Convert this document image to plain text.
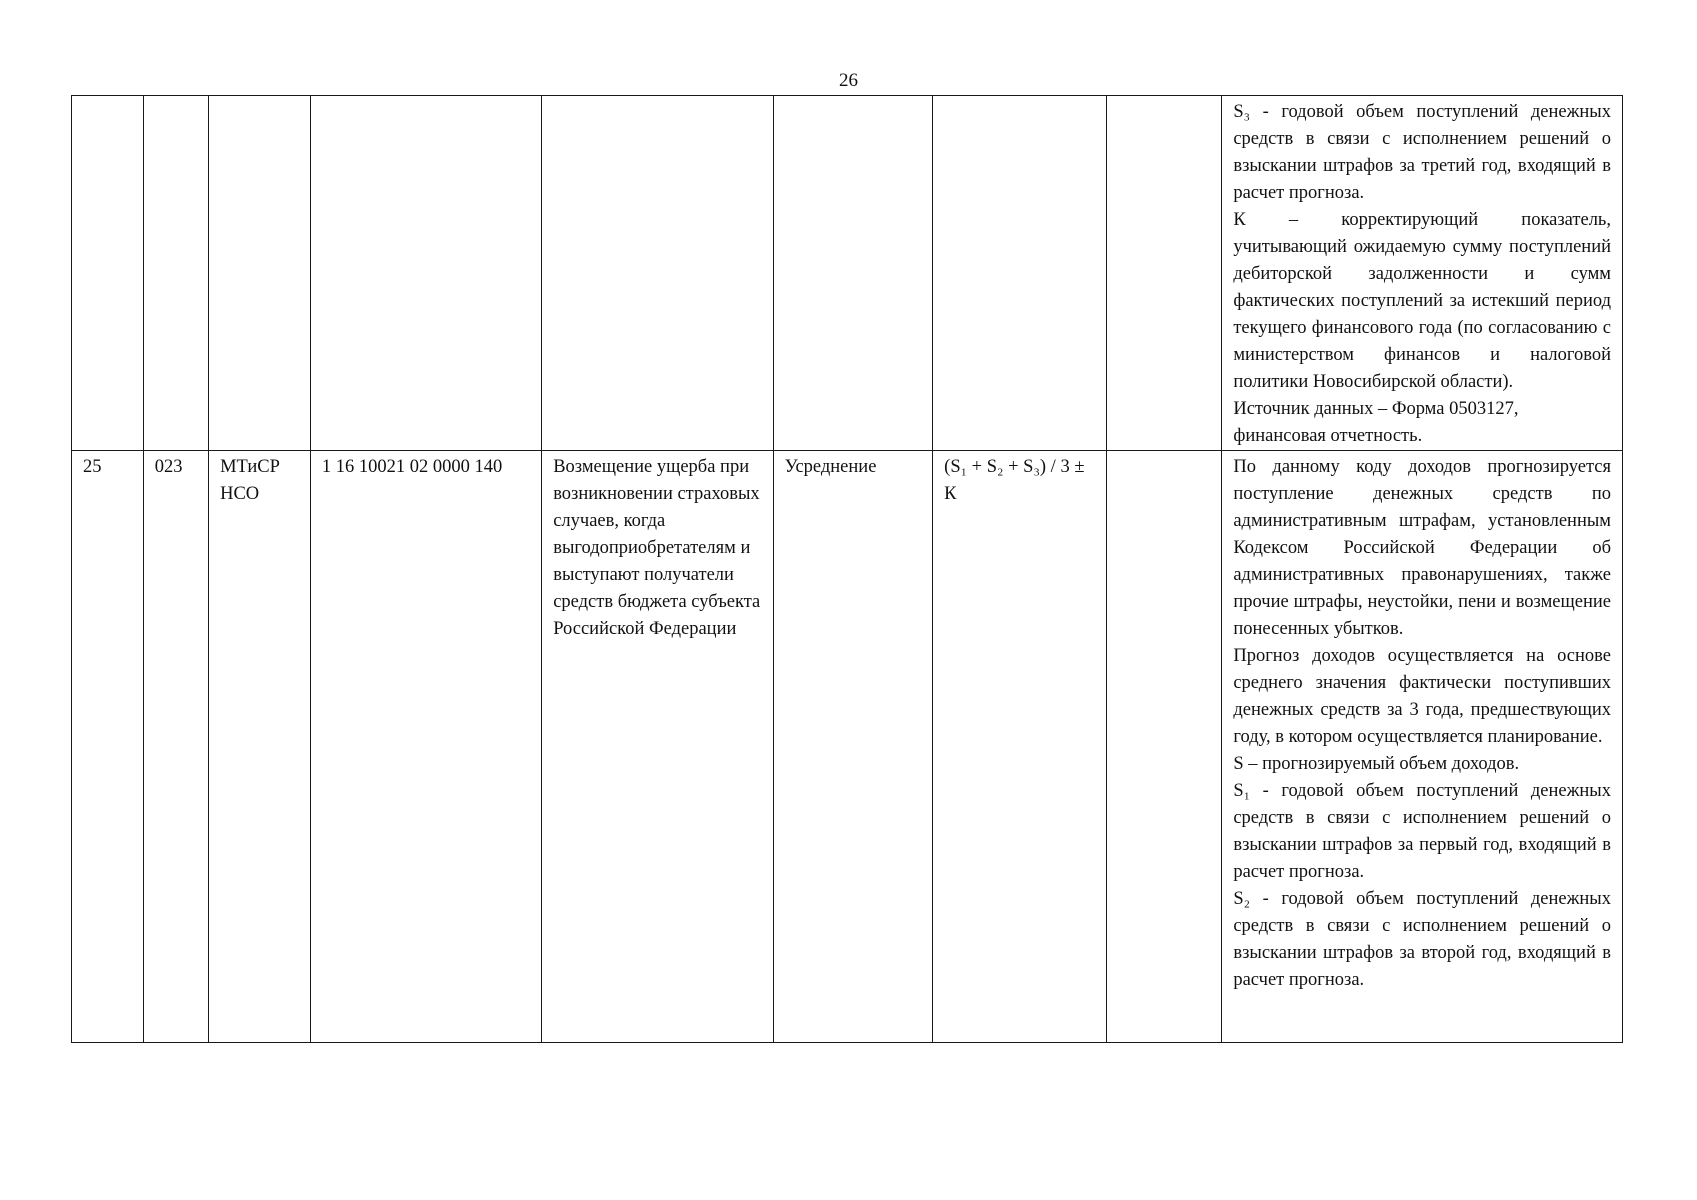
26

								S₃ - годовой объем поступлений денежных средств в связи с исполнением решений о взыскании штрафов за третий год, входящий в расчет прогноза.

К – корректирующий показатель, учитывающий ожидаемую сумму поступлений дебиторской задолженности и сумм фактических поступлений за истекший период текущего финансового года (по согласованию с министерством финансов и налоговой политики Новосибирской области).

Источник данных – Форма 0503127, финансовая отчетность.

25	023	МТиСР НСО	1 16 10021 02 0000 140	Возмещение ущерба при возникновении страховых случаев, когда выгодоприобретателям и выступают получатели средств бюджета субъекта Российской Федерации	Усреднение	(S₁ + S₂ + S₃) / 3 ± К		По данному коду доходов прогнозируется поступление денежных средств по административным штрафам, установленным Кодексом Российской Федерации об административных правонарушениях, также прочие штрафы, неустойки, пени и возмещение понесенных убытков.

Прогноз доходов осуществляется на основе среднего значения фактически поступивших денежных средств за 3 года, предшествующих году, в котором осуществляется планирование.

S – прогнозируемый объем доходов.

S₁ - годовой объем поступлений денежных средств в связи с исполнением решений о взыскании штрафов за первый год, входящий в расчет прогноза.

S₂ - годовой объем поступлений денежных средств в связи с исполнением решений о взыскании штрафов за второй год, входящий в расчет прогноза.
